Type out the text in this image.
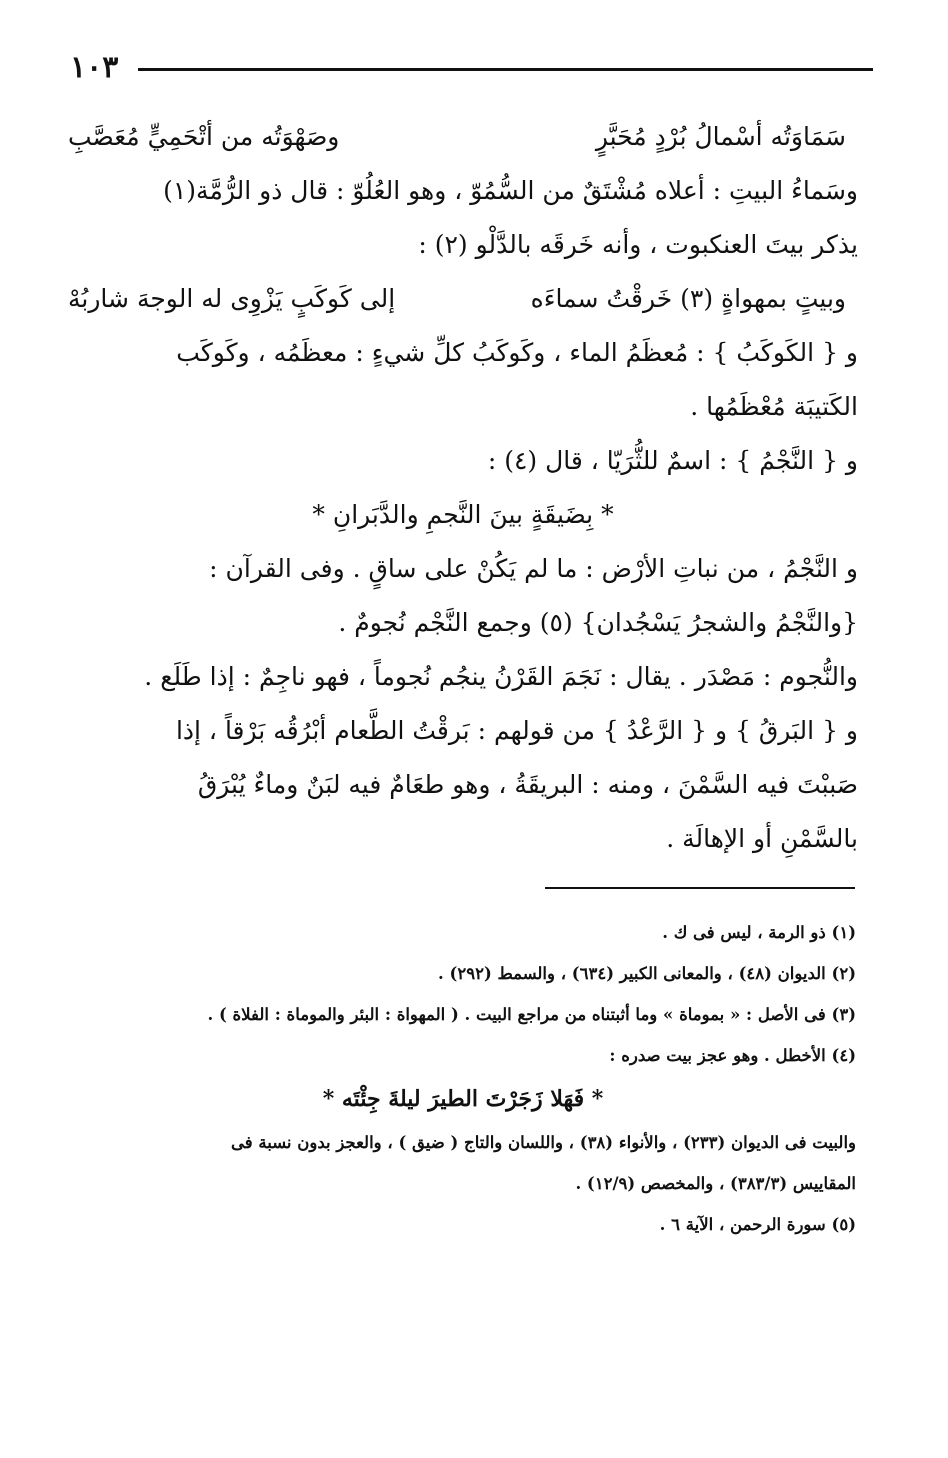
١٠٣
سَمَاوَتُه أسْمالُ بُرْدٍ مُحَبَّرٍ
وصَهْوَتُه من أتْحَمِيٍّ مُعَصَّبِ
وسَماءُ البيتِ : أعلاه مُشْتَقٌ من السُّمُوّ ، وهو العُلُوّ : قال ذو الرُّمَّة(١)
يذكر بيتَ العنكبوت ، وأنه خَرقَه بالدَّلْو (٢) :
وبيتٍ بمهواةٍ (٣) خَرقْتُ سماءَه
إلى كَوكَبٍ يَزْوِى له الوجهَ شاربُهْ
و { الكَوكَبُ } : مُعظَمُ الماء ، وكَوكَبُ كلِّ شيءٍ : معظَمُه ، وكَوكَب
الكَتيبَة مُعْظَمُها .
و { النَّجْمُ } : اسمٌ للثُّرَيّا ، قال (٤) :
* بِضَيقَةٍ بينَ النَّجمِ والدَّبَرانِ *
و النَّجْمُ ، من نباتِ الأرْض : ما لم يَكُنْ على ساقٍ . وفى القرآن :
{والنَّجْمُ والشجرُ يَسْجُدان} (٥) وجمع النَّجْم نُجومٌ .
والنُّجوم : مَصْدَر . يقال : نَجَمَ القَرْنُ ينجُم نُجوماً ، فهو ناجِمٌ : إذا طَلَع .
و { البَرقُ } و { الرَّعْدُ } من قولهم : بَرقْتُ الطَّعام أبْرُقُه بَرْقاً ، إذا
صَببْتَ فيه السَّمْنَ ، ومنه : البريقَةُ ، وهو طعَامٌ فيه لبَنٌ وماءٌ يُبْرَقُ
بالسَّمْنِ أو الإهالَة .
(١) ذو الرمة ، ليس فى ك .
(٢) الديوان (٤٨) ، والمعانى الكبير (٦٣٤) ، والسمط (٢٩٢) .
(٣) فى الأصل : « بموماة » وما أثبتناه من مراجع البيت . ( المهواة : البئر والموماة : الفلاة ) .
(٤) الأخطل . وهو عجز بيت صدره :
* فَهَلا زَجَرْتَ الطيرَ ليلةَ جِئْتَه *
والبيت فى الديوان (٢٣٣) ، والأنواء (٣٨) ، واللسان والتاج ( ضيق ) ، والعجز بدون نسبة فى
المقاييس (٣٨٣/٣) ، والمخصص (١٢/٩) .
(٥) سورة الرحمن ، الآية ٦ .
